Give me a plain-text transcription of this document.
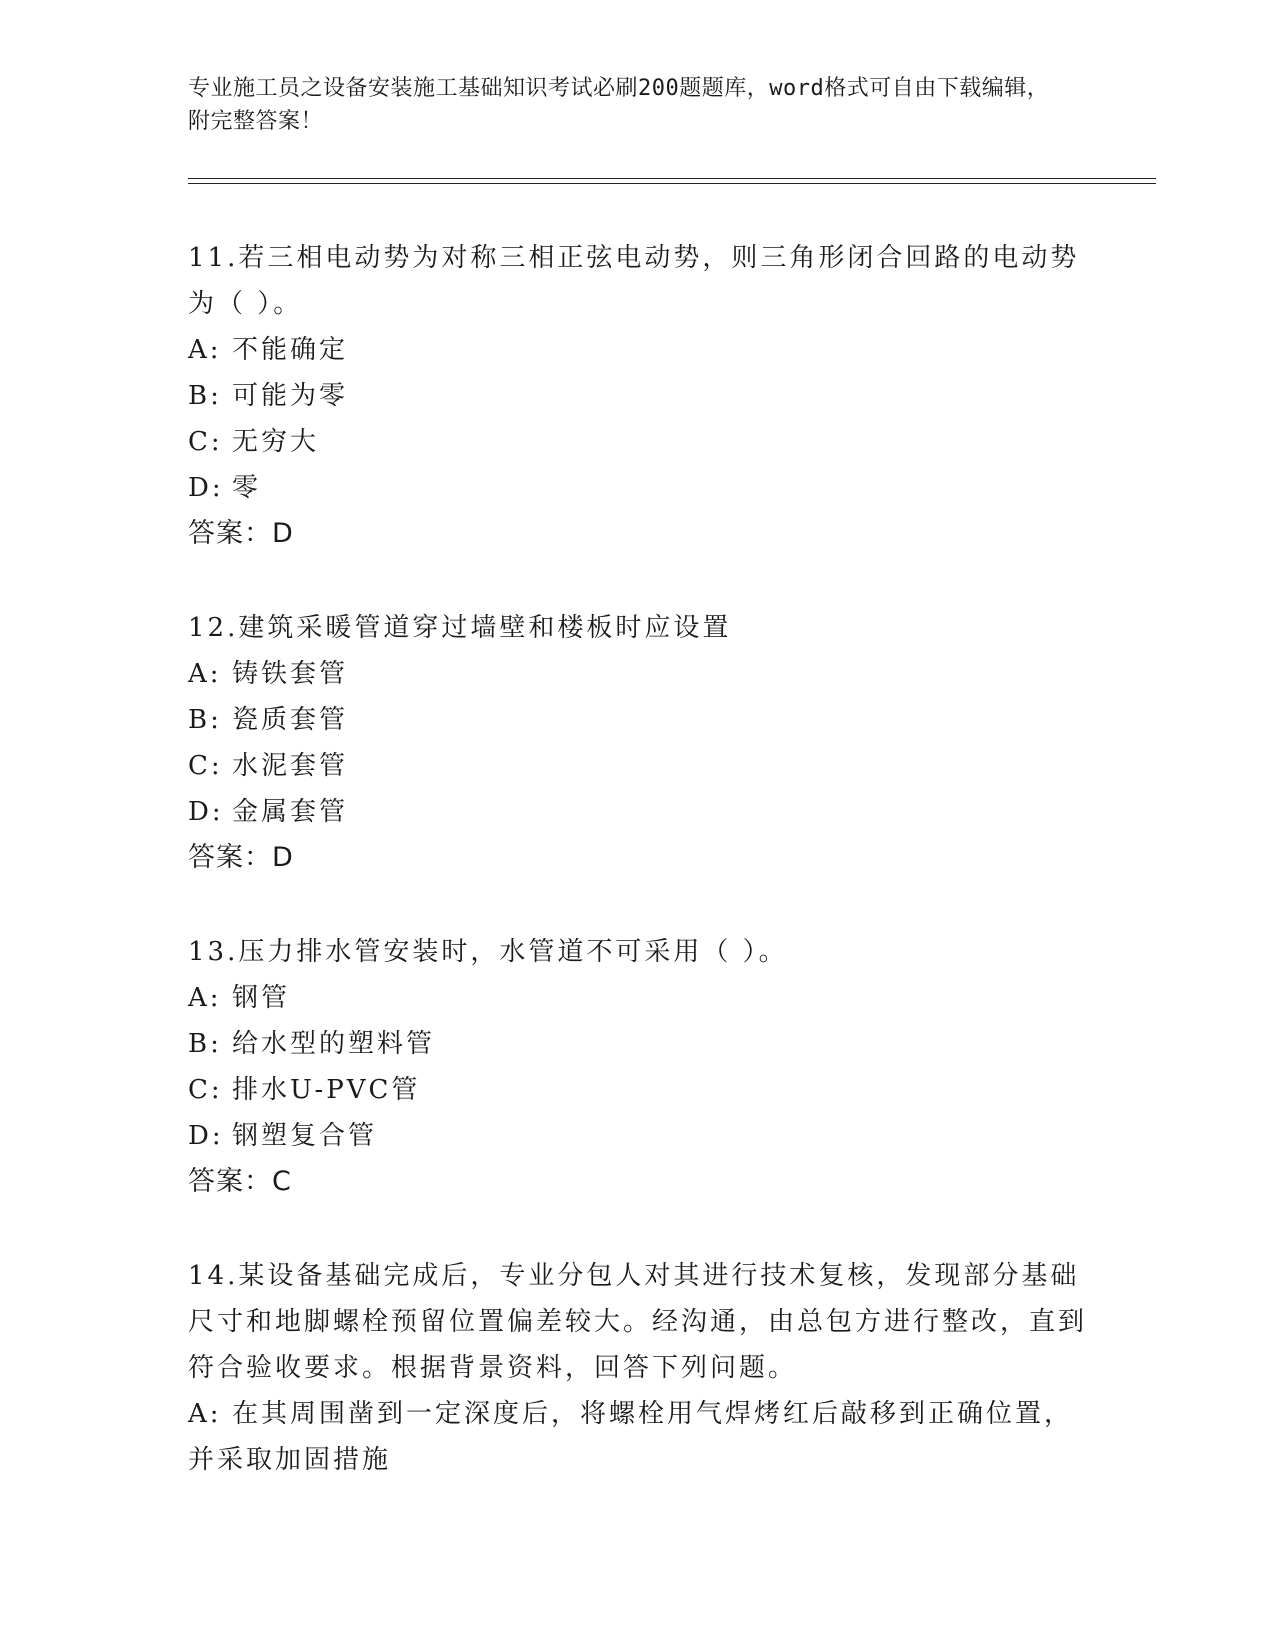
专业施工员之设备安装施工基础知识考试必刷200题题库，word格式可自由下载编辑，附完整答案！
11.若三相电动势为对称三相正弦电动势，则三角形闭合回路的电动势为（ ）。
A: 不能确定
B: 可能为零
C: 无穷大
D: 零
答案：D
12.建筑采暖管道穿过墙壁和楼板时应设置
A: 铸铁套管
B: 瓷质套管
C: 水泥套管
D: 金属套管
答案：D
13.压力排水管安装时，水管道不可采用（ ）。
A: 钢管
B: 给水型的塑料管
C: 排水U-PVC管
D: 钢塑复合管
答案：C
14.某设备基础完成后，专业分包人对其进行技术复核，发现部分基础尺寸和地脚螺栓预留位置偏差较大。经沟通，由总包方进行整改，直到符合验收要求。根据背景资料，回答下列问题。
A: 在其周围凿到一定深度后，将螺栓用气焊烤红后敲移到正确位置，并采取加固措施
